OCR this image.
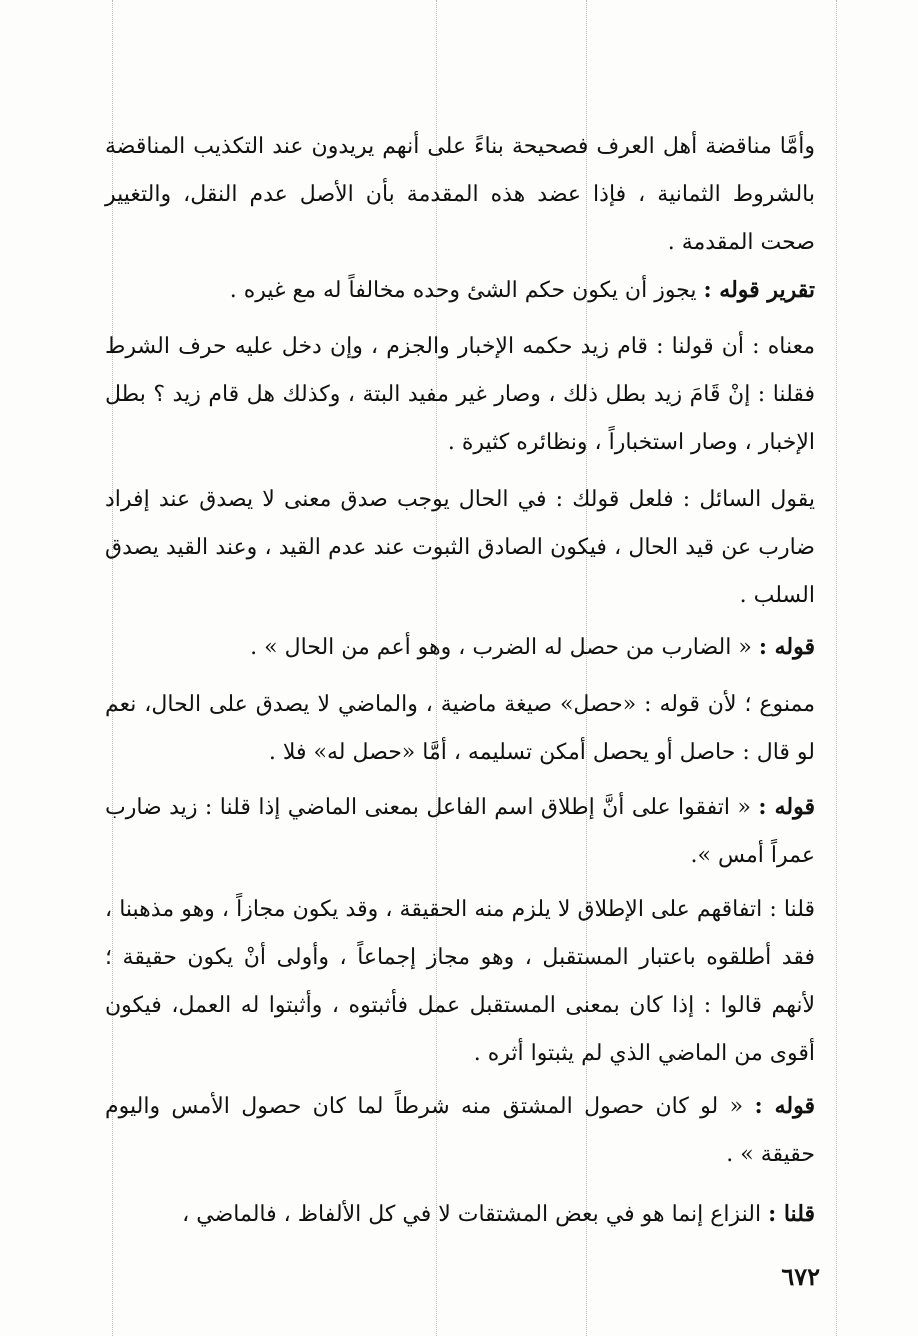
وأمَّا مناقضة أهل العرف فصحيحة بناءً على أنهم يريدون عند التكذيب المناقضة بالشروط الثمانية ، فإذا عضد هذه المقدمة بأن الأصل عدم النقل، والتغيير صحت المقدمة .

تقرير قوله : يجوز أن يكون حكم الشئ وحده مخالفاً له مع غيره .

معناه : أن قولنا : قام زيد حكمه الإخبار والجزم ، وإن دخل عليه حرف الشرط فقلنا : إنْ قَامَ زيد بطل ذلك ، وصار غير مفيد البتة ، وكذلك هل قام زيد ؟ بطل الإخبار ، وصار استخباراً ، ونظائره كثيرة .

يقول السائل : فلعل قولك : في الحال يوجب صدق معنى لا يصدق عند إفراد ضارب عن قيد الحال ، فيكون الصادق الثبوت عند عدم القيد ، وعند القيد يصدق السلب .

قوله : « الضارب من حصل له الضرب ، وهو أعم من الحال » .

ممنوع ؛ لأن قوله : «حصل» صيغة ماضية ، والماضي لا يصدق على الحال، نعم لو قال : حاصل أو يحصل أمكن تسليمه ، أمَّا «حصل له» فلا .

قوله : « اتفقوا على أنَّ إطلاق اسم الفاعل بمعنى الماضي إذا قلنا : زيد ضارب عمراً أمس ».

قلنا : اتفاقهم على الإطلاق لا يلزم منه الحقيقة ، وقد يكون مجازاً ، وهو مذهبنا ، فقد أطلقوه باعتبار المستقبل ، وهو مجاز إجماعاً ، وأولى أنْ يكون حقيقة ؛ لأنهم قالوا : إذا كان بمعنى المستقبل عمل فأثبتوه ، وأثبتوا له العمل، فيكون أقوى من الماضي الذي لم يثبتوا أثره .

قوله : « لو كان حصول المشتق منه شرطاً لما كان حصول الأمس واليوم حقيقة » .

قلنا : النزاع إنما هو في بعض المشتقات لا في كل الألفاظ ، فالماضي ،

٦٧٢
